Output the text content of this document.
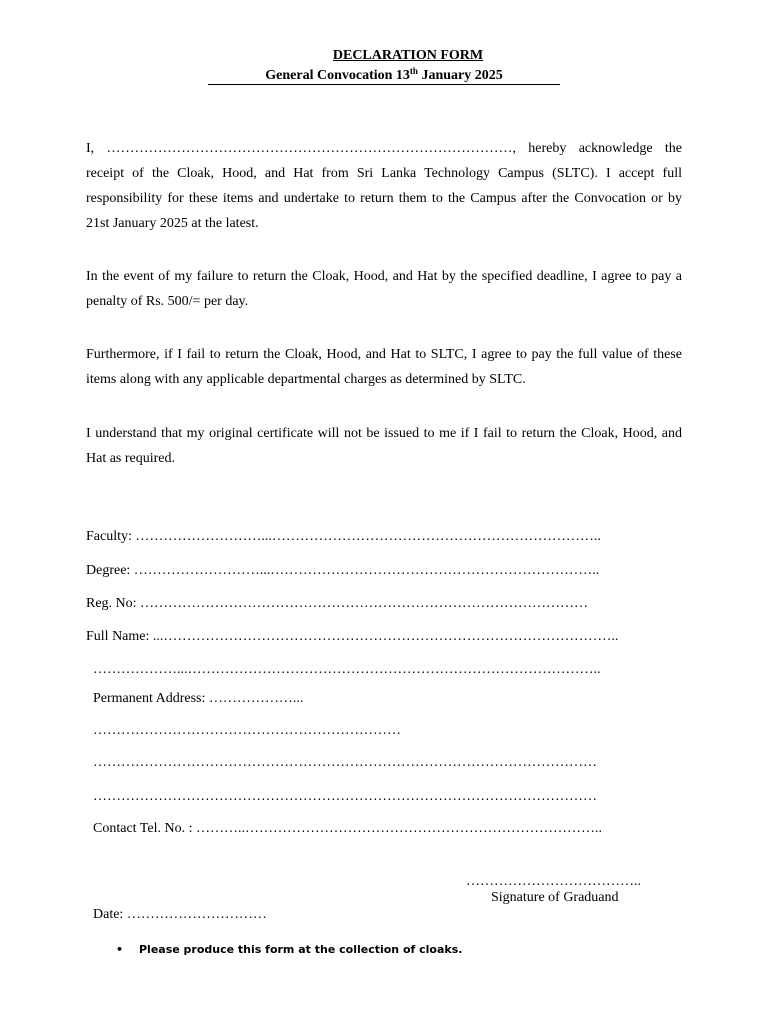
DECLARATION FORM
General Convocation 13th January 2025
I, ……………………………………………………………………………, hereby acknowledge the receipt of the Cloak, Hood, and Hat from Sri Lanka Technology Campus (SLTC). I accept full responsibility for these items and undertake to return them to the Campus after the Convocation or by 21st January 2025 at the latest.
In the event of my failure to return the Cloak, Hood, and Hat by the specified deadline, I agree to pay a penalty of Rs. 500/= per day.
Furthermore, if I fail to return the Cloak, Hood, and Hat to SLTC, I agree to pay the full value of these items along with any applicable departmental charges as determined by SLTC.
I understand that my original certificate will not be issued to me if I fail to return the Cloak, Hood, and Hat as required.
Faculty: ………………………...……………………………………………………………..
Degree: ………………………...……………………………………………………………..
Reg. No: ……………………………………………………………………………………
Full Name: ...……………………………………………………………………………………..
………………...……………………………………………………………………………..
Permanent Address: ………………...
…………………………………………………………
………………………………………………………………………………………………
………………………………………………………………………………………………
Contact Tel. No. : ………..…………………………………………………………………..
………………………………..
Signature of Graduand
Date: …………………………
• Please produce this form at the collection of cloaks.
